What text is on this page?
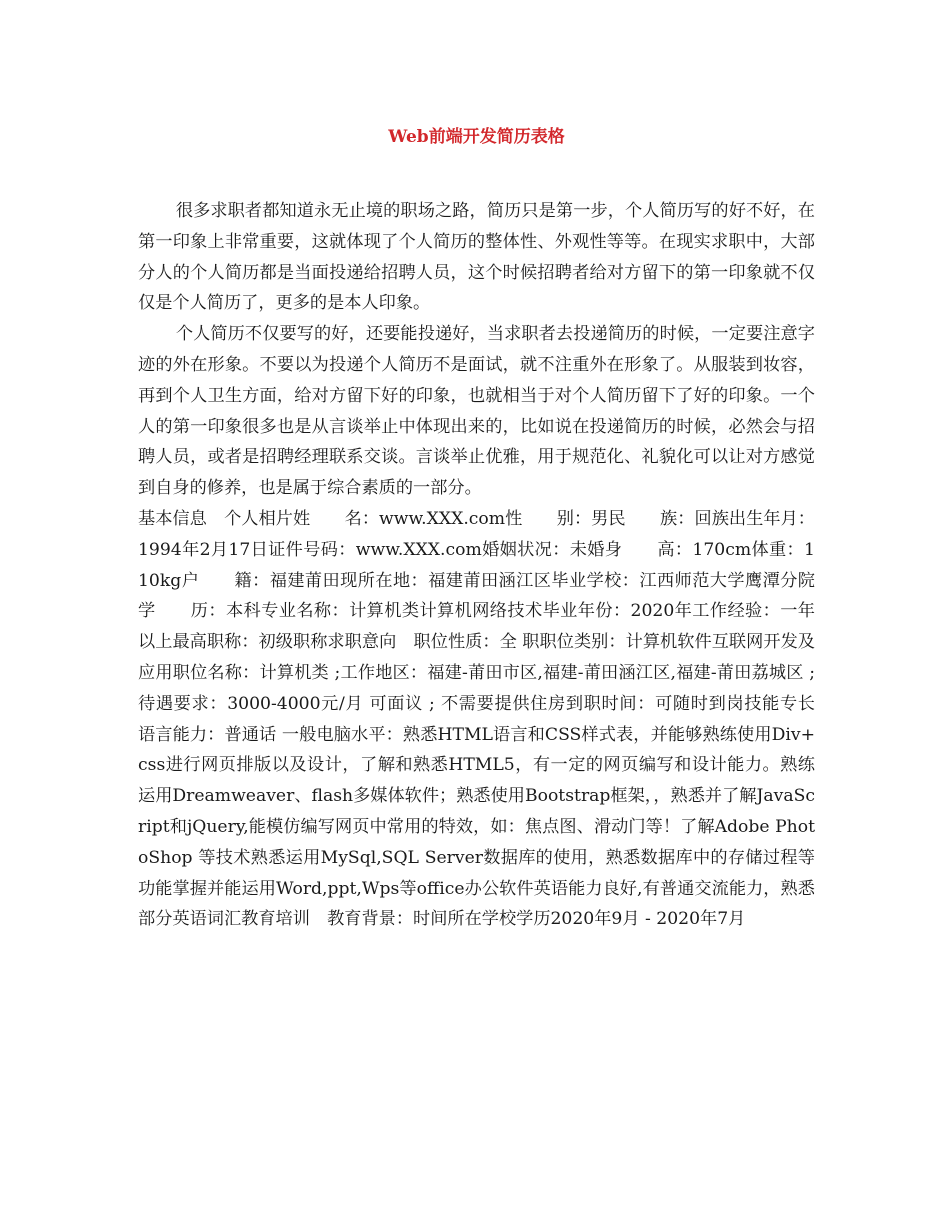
Web前端开发简历表格

很多求职者都知道永无止境的职场之路，简历只是第一步，个人简历写的好不好，在第一印象上非常重要，这就体现了个人简历的整体性、外观性等等。在现实求职中，大部分人的个人简历都是当面投递给招聘人员，这个时候招聘者给对方留下的第一印象就不仅仅是个人简历了，更多的是本人印象。

个人简历不仅要写的好，还要能投递好，当求职者去投递简历的时候，一定要注意字迹的外在形象。不要以为投递个人简历不是面试，就不注重外在形象了。从服装到妆容，再到个人卫生方面，给对方留下好的印象，也就相当于对个人简历留下了好的印象。一个人的第一印象很多也是从言谈举止中体现出来的，比如说在投递简历的时候，必然会与招聘人员，或者是招聘经理联系交谈。言谈举止优雅，用于规范化、礼貌化可以让对方感觉到自身的修养，也是属于综合素质的一部分。

基本信息　个人相片姓　　名：www.XXX.com性　　别：男民　　族：回族出生年月：1994年2月17日证件号码：www.XXX.com婚姻状况：未婚身　　高：170cm体重：110kg户　　籍：福建莆田现所在地：福建莆田涵江区毕业学校：江西师范大学鹰潭分院学　　历：本科专业名称：计算机类计算机网络技术毕业年份：2020年工作经验：一年以上最高职称：初级职称求职意向　职位性质：全 职职位类别：计算机软件互联网开发及应用职位名称：计算机类 ;工作地区：福建-莆田市区,福建-莆田涵江区,福建-莆田荔城区 ;待遇要求：3000-4000元/月 可面议 ; 不需要提供住房到职时间：可随时到岗技能专长　语言能力：普通话 一般电脑水平：熟悉HTML语言和CSS样式表，并能够熟练使用Div+css进行网页排版以及设计，了解和熟悉HTML5，有一定的网页编写和设计能力。熟练运用Dreamweaver、flash多媒体软件；熟悉使用Bootstrap框架，，熟悉并了解JavaScript和jQuery,能模仿编写网页中常用的特效，如：焦点图、滑动门等！了解Adobe PhotoShop 等技术熟悉运用MySql,SQL Server数据库的使用，熟悉数据库中的存储过程等功能掌握并能运用Word,ppt,Wps等office办公软件英语能力良好,有普通交流能力，熟悉部分英语词汇教育培训　教育背景：时间所在学校学历2020年9月 - 2020年7月
